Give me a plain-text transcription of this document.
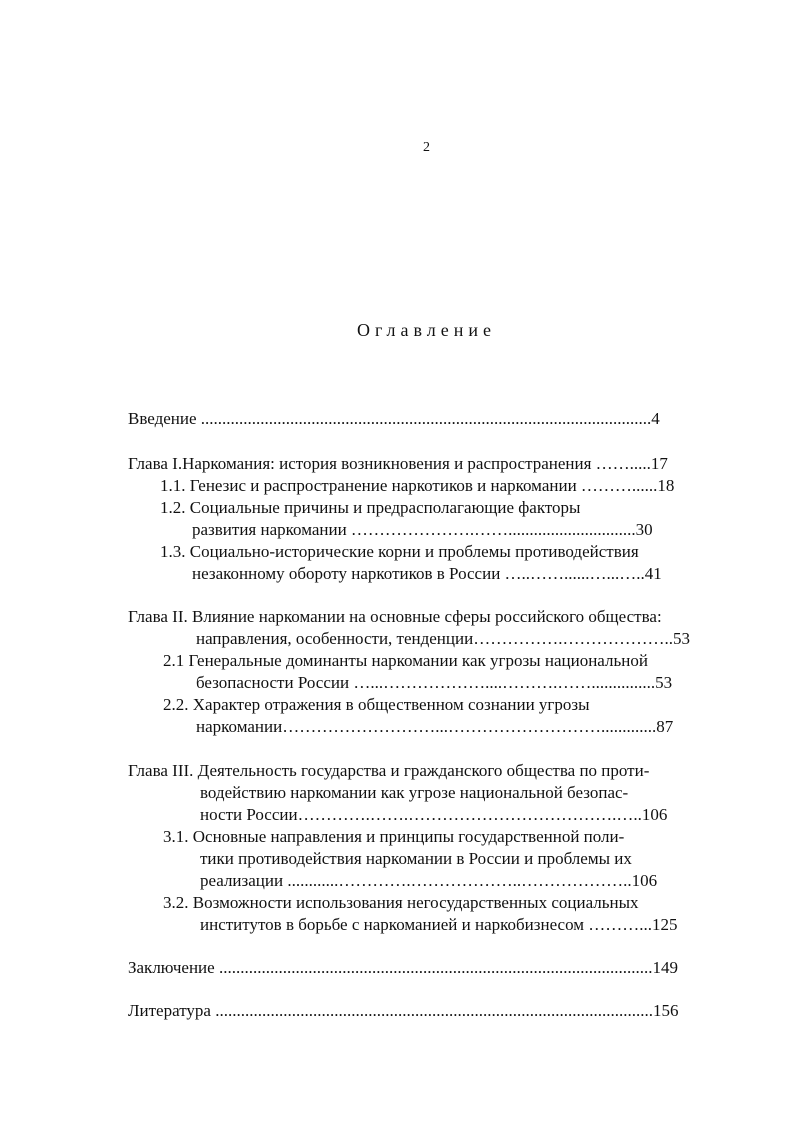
2
Оглавление
Введение ..........................................................................................................4
Глава I.Наркомания: история возникновения и распространения …….....17
1.1. Генезис и распространение наркотиков и наркомании ………......18
1.2. Социальные причины и предрасполагающие факторы
развития наркомании ………………….……..............................30
1.3. Социально-исторические корни и проблемы противодействия
незаконному обороту наркотиков в России …..……......…...…..41
Глава II. Влияние наркомании на основные сферы российского общества:
направления, особенности, тенденции…………….………………..53
2.1 Генеральные доминанты наркомании как угрозы национальной
безопасности России …...………………....……….……...............53
2.2. Характер отражения в общественном сознании угрозы
наркомании………………………...……………………….............87
Глава III. Деятельность государства и гражданского общества по проти-
водействию наркомании как угрозе национальной безопас-
ности России………….…….……………………………….…..106
3.1. Основные направления и принципы государственной поли-
тики противодействия наркомании в России и проблемы их
реализации ............………….………………..………………..106
3.2. Возможности использования негосударственных социальных
институтов в борьбе с наркоманией и наркобизнесом ………...125
Заключение ......................................................................................................149
Литература .......................................................................................................156
